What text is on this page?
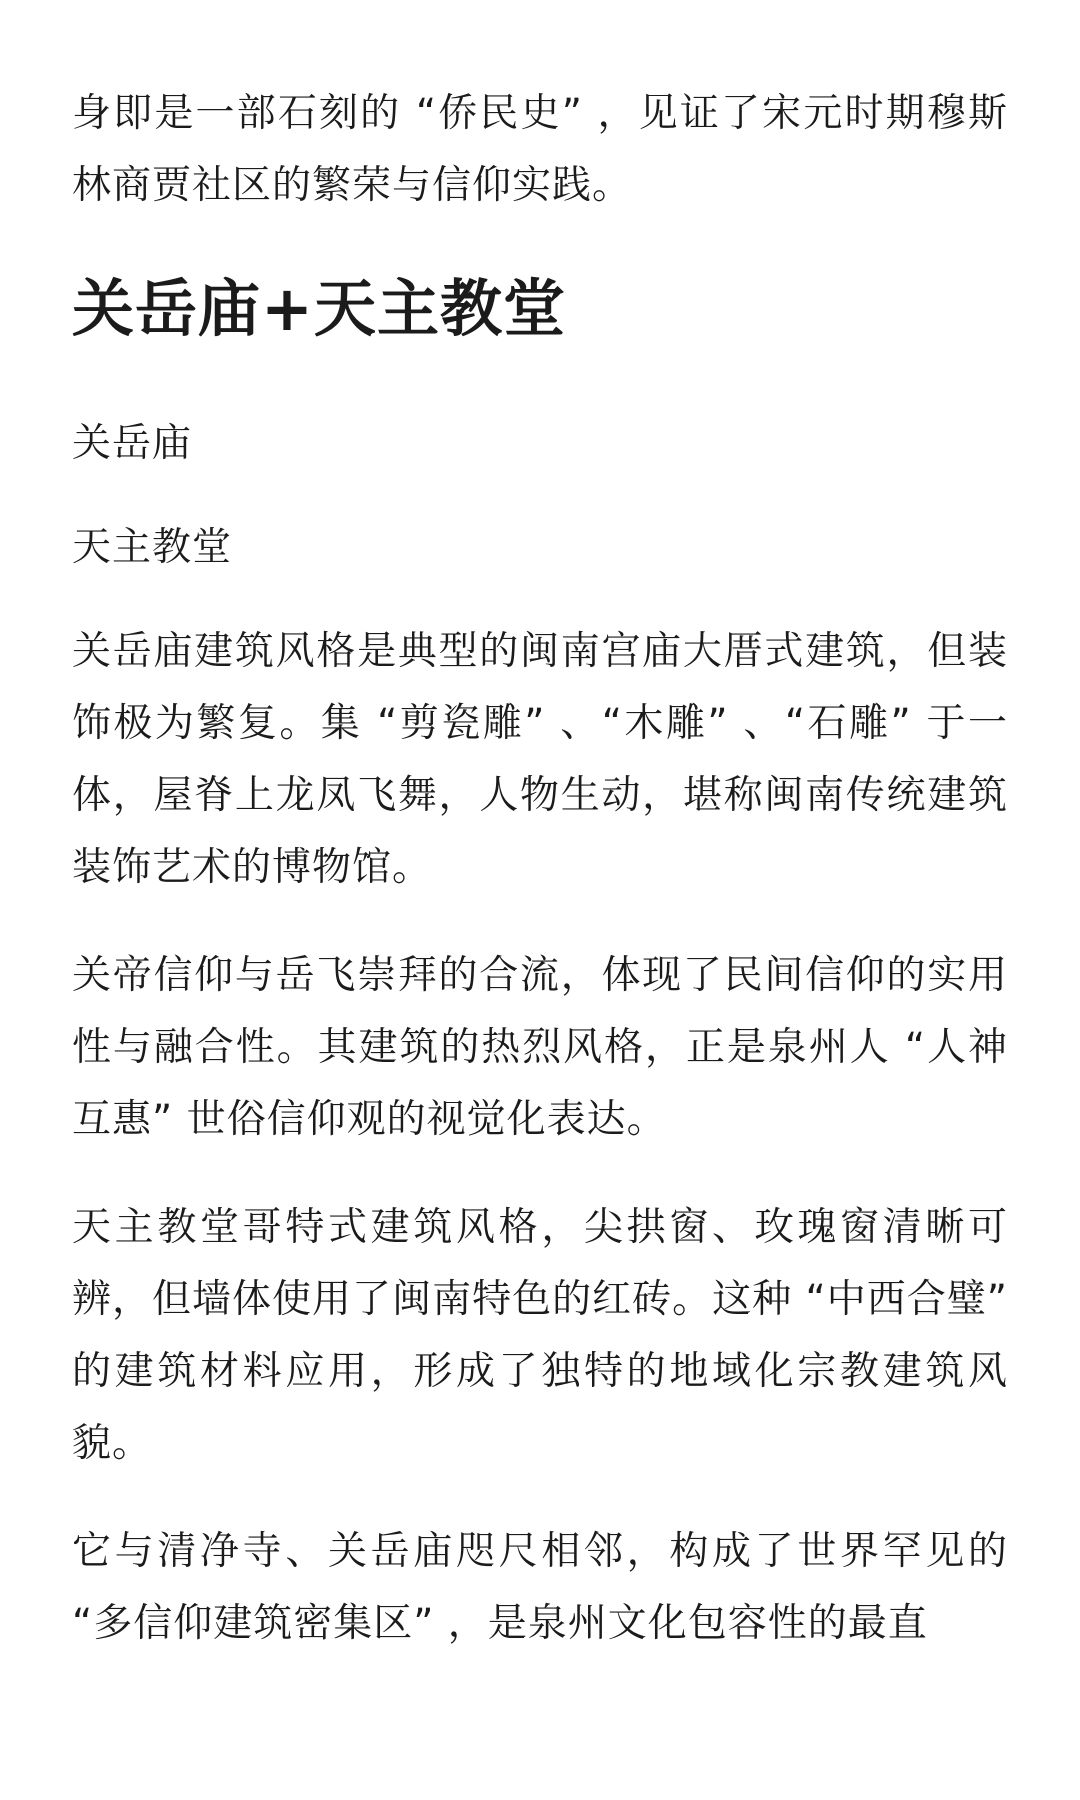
身即是一部石刻的 “侨民史” ，见证了宋元时期穆斯林商贾社区的繁荣与信仰实践。

关岳庙+天主教堂

关岳庙

天主教堂

关岳庙建筑风格是典型的闽南宫庙大厝式建筑，但装饰极为繁复。集 “剪瓷雕” 、“木雕” 、“石雕” 于一体，屋脊上龙凤飞舞，人物生动，堪称闽南传统建筑装饰艺术的博物馆。

关帝信仰与岳飞崇拜的合流，体现了民间信仰的实用性与融合性。其建筑的热烈风格，正是泉州人 “人神互惠” 世俗信仰观的视觉化表达。

天主教堂哥特式建筑风格，尖拱窗、玫瑰窗清晰可辨，但墙体使用了闽南特色的红砖。这种 “中西合璧” 的建筑材料应用，形成了独特的地域化宗教建筑风貌。

它与清净寺、关岳庙咫尺相邻，构成了世界罕见的 “多信仰建筑密集区” ，是泉州文化包容性的最直
